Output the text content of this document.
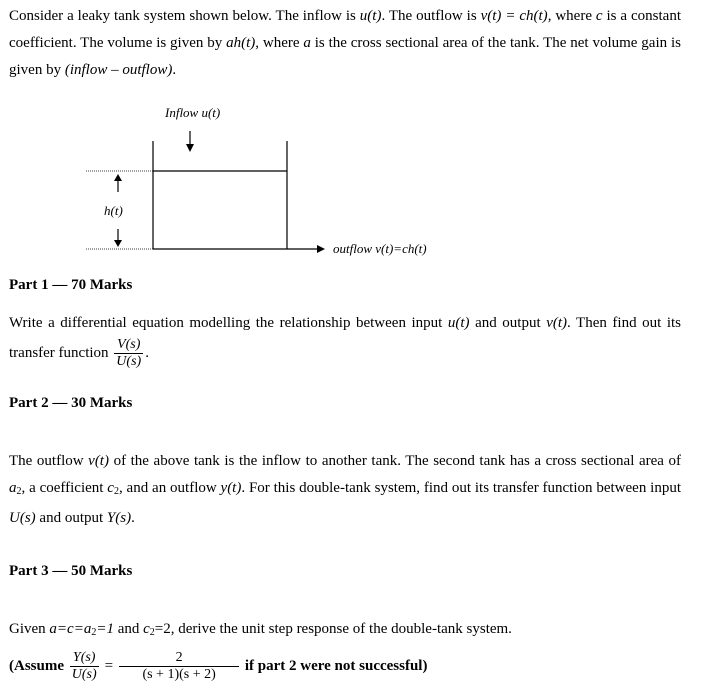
Consider a leaky tank system shown below. The inflow is u(t). The outflow is v(t) = ch(t), where c is a constant coefficient. The volume is given by ah(t), where a is the cross sectional area of the tank. The net volume gain is given by (inflow – outflow).
Inflow u(t)
h(t)
outflow v(t)=ch(t)
Part 1 — 70 Marks
Write a differential equation modelling the relationship between input u(t) and output v(t). Then find out its transfer function $\frac{V(s)}{U(s)}$ .
Part 2 — 30 Marks
The outflow v(t) of the above tank is the inflow to another tank. The second tank has a cross sectional area of $a_2$, a coefficient $c_2$, and an outflow y(t). For this double-tank system, find out its transfer function between input U(s) and output Y(s).
Part 3 — 50 Marks
Given $a=c=a_2=1$ and $c_2=2$, derive the unit step response of the double-tank system.
(Assume $\frac{Y(s)}{U(s)} = \frac{2}{(s + 1)(s + 2)}$ if part 2 were not successful)
